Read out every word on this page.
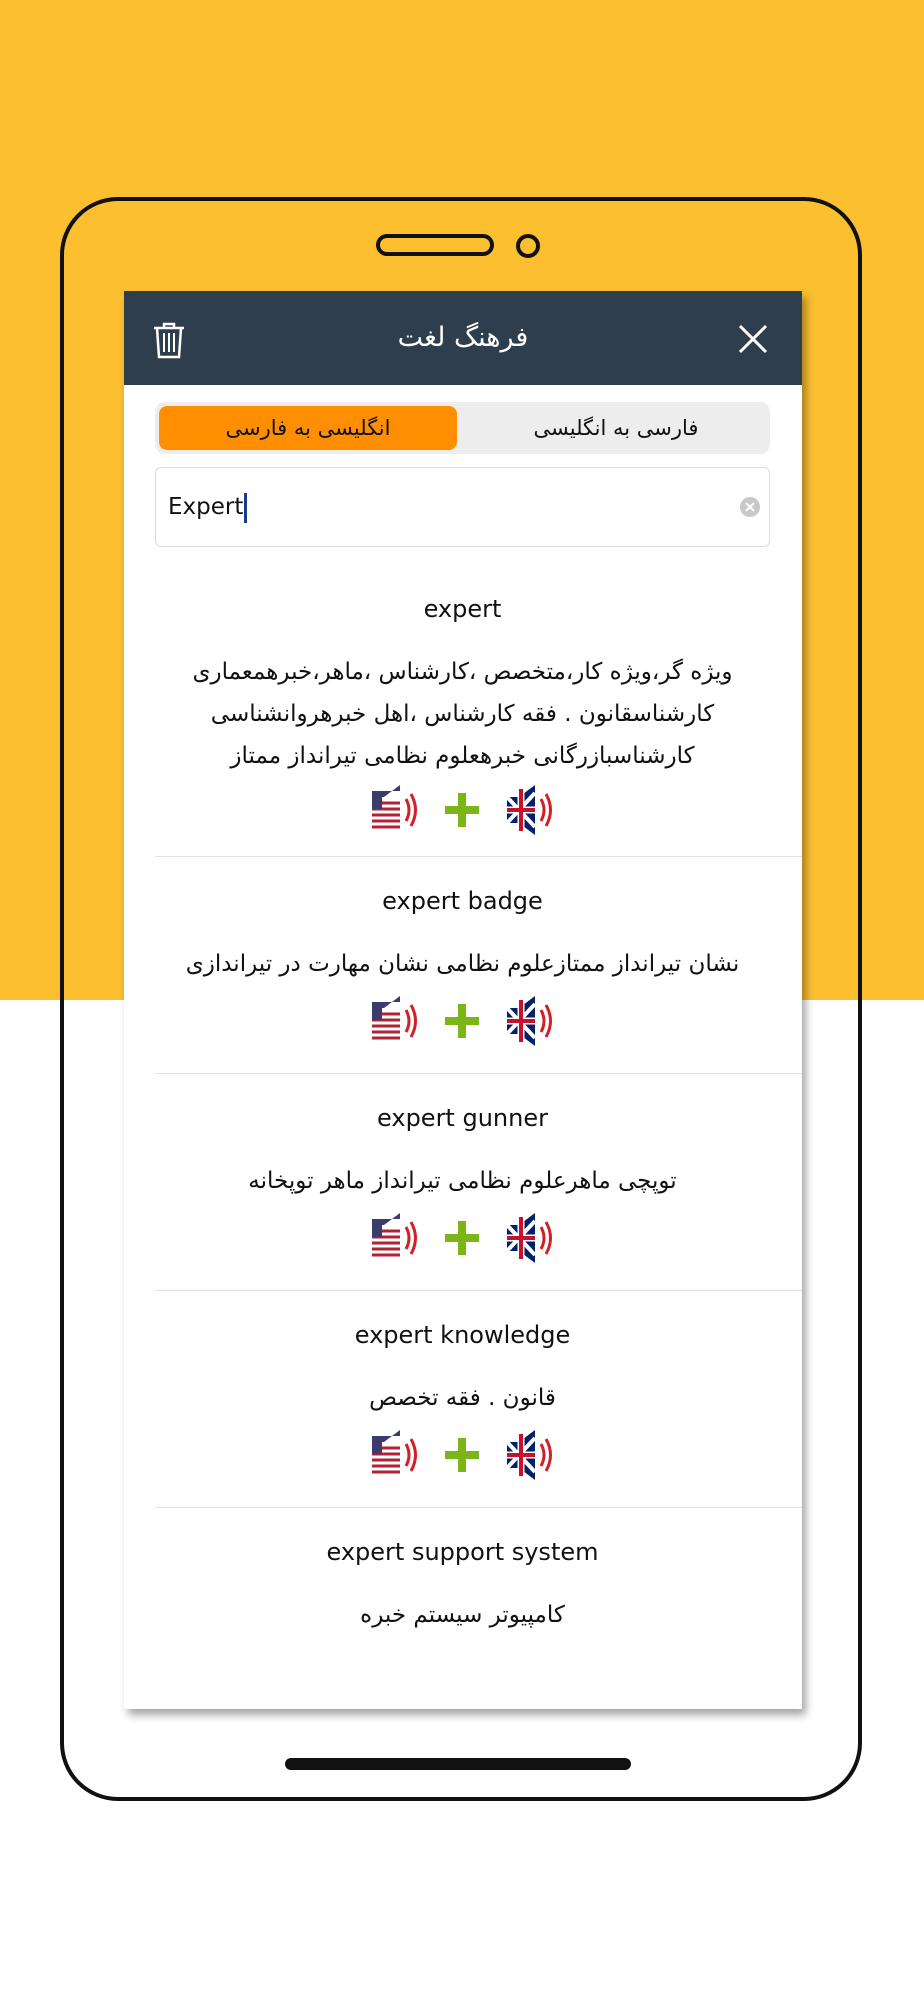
فرهنگ لغت
انگلیسی به فارسی	فارسی به انگلیسی
Expert
expert
ویژه گر،ویژه کار،متخصص ،کارشناس ،ماهر،خبرهمعماری
کارشناسقانون . فقه کارشناس ،اهل خبرهروانشناسی
کارشناسبازرگانی خبرهعلوم نظامی تیرانداز ممتاز
expert badge
نشان تیرانداز ممتازعلوم نظامی نشان مهارت در تیراندازی
expert gunner
توپچی ماهرعلوم نظامی تیرانداز ماهر توپخانه
expert knowledge
قانون . فقه تخصص
expert support system
کامپیوتر سیستم خبره
